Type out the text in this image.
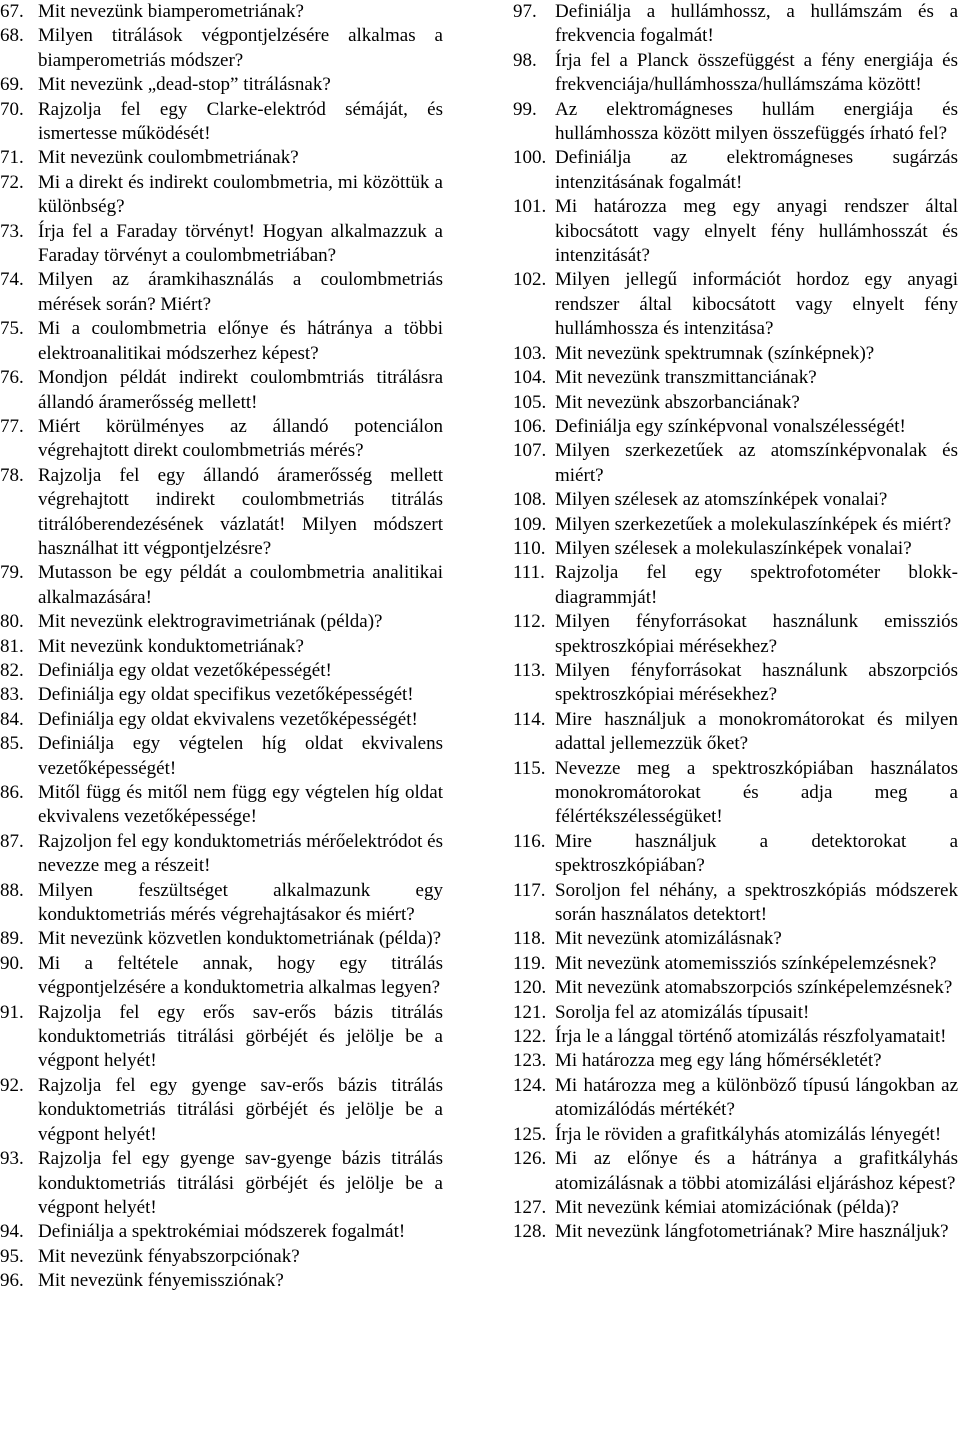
67. Mit nevezünk biamperometriának?
68. Milyen titrálások végpontjelzésére alkalmas a biamperometriás módszer?
69. Mit nevezünk „dead-stop” titrálásnak?
70. Rajzolja fel egy Clarke-elektród sémáját, és ismertesse működését!
71. Mit nevezünk coulombmetriának?
72. Mi a direkt és indirekt coulombmetria, mi közöttük a különbség?
73. Írja fel a Faraday törvényt! Hogyan alkalmazzuk a Faraday törvényt a coulombmetriában?
74. Milyen az áramkihasználás a coulombmetriás mérések során? Miért?
75. Mi a coulombmetria előnye és hátránya a többi elektroanalitikai módszerhez képest?
76. Mondjon példát indirekt coulombmtriás titrálásra állandó áramerősség mellett!
77. Miért körülményes az állandó potenciálon végrehajtott direkt coulombmetriás mérés?
78. Rajzolja fel egy állandó áramerősség mellett végrehajtott indirekt coulombmetriás titrálás titrálóberendezésének vázlatát! Milyen módszert használhat itt végpontjelzésre?
79. Mutasson be egy példát a coulombmetria analitikai alkalmazására!
80. Mit nevezünk elektrogravimetriának (példa)?
81. Mit nevezünk konduktometriának?
82. Definiálja egy oldat vezetőképességét!
83. Definiálja egy oldat specifikus vezetőképességét!
84. Definiálja egy oldat ekvivalens vezetőképességét!
85. Definiálja egy végtelen híg oldat ekvivalens vezetőképességét!
86. Mitől függ és mitől nem függ egy végtelen híg oldat ekvivalens vezetőképessége!
87. Rajzoljon fel egy konduktometriás mérőelektródot és nevezze meg a részeit!
88. Milyen feszültséget alkalmazunk egy konduktometriás mérés végrehajtásakor és miért?
89. Mit nevezünk közvetlen konduktometriának (példa)?
90. Mi a feltétele annak, hogy egy titrálás végpontjelzésére a konduktometria alkalmas legyen?
91. Rajzolja fel egy erős sav-erős bázis titrálás konduktometriás titrálási görbéjét és jelölje be a végpont helyét!
92. Rajzolja fel egy gyenge sav-erős bázis titrálás konduktometriás titrálási görbéjét és jelölje be a végpont helyét!
93. Rajzolja fel egy gyenge sav-gyenge bázis titrálás konduktometriás titrálási görbéjét és jelölje be a végpont helyét!
94. Definiálja a spektrokémiai módszerek fogalmát!
95. Mit nevezünk fényabszorpciónak?
96. Mit nevezünk fényemissziónak?
97. Definiálja a hullámhossz, a hullámszám és a frekvencia fogalmát!
98. Írja fel a Planck összefüggést a fény energiája és frekvenciája/hullámhossza/hullámszáma között!
99. Az elektromágneses hullám energiája és hullámhossza között milyen összefüggés írható fel?
100. Definiálja az elektromágneses sugárzás intenzitásának fogalmát!
101. Mi határozza meg egy anyagi rendszer által kibocsátott vagy elnyelt fény hullámhosszát és intenzitását?
102. Milyen jellegű információt hordoz egy anyagi rendszer által kibocsátott vagy elnyelt fény hullámhossza és intenzitása?
103. Mit nevezünk spektrumnak (színképnek)?
104. Mit nevezünk transzmittanciának?
105. Mit nevezünk abszorbanciának?
106. Definiálja egy színképvonal vonalszélességét!
107. Milyen szerkezetűek az atomszínképvonalak és miért?
108. Milyen szélesek az atomszínképek vonalai?
109. Milyen szerkezetűek a molekulaszínképek és miért?
110. Milyen szélesek a molekulaszínképek vonalai?
111. Rajzolja fel egy spektrofotométer blokk-diagrammját!
112. Milyen fényforrásokat használunk emissziós spektroszkópiai mérésekhez?
113. Milyen fényforrásokat használunk abszorpciós spektroszkópiai mérésekhez?
114. Mire használjuk a monokromátorokat és milyen adattal jellemezzük őket?
115. Nevezze meg a spektroszkópiában használatos monokromátorokat és adja meg a félértékszélességüket!
116. Mire használjuk a detektorokat a spektroszkópiában?
117. Soroljon fel néhány, a spektroszkópiás módszerek során használatos detektort!
118. Mit nevezünk atomizálásnak?
119. Mit nevezünk atomemissziós színképelemzésnek?
120. Mit nevezünk atomabszorpciós színképelemzésnek?
121. Sorolja fel az atomizálás típusait!
122. Írja le a lánggal történő atomizálás részfolyamatait!
123. Mi határozza meg egy láng hőmérsékletét?
124. Mi határozza meg a különböző típusú lángokban az atomizálódás mértékét?
125. Írja le röviden a grafitkályhás atomizálás lényegét!
126. Mi az előnye és a hátránya a grafitkályhás atomizálásnak a többi atomizálási eljáráshoz képest?
127. Mit nevezünk kémiai atomizációnak (példa)?
128. Mit nevezünk lángfotometriának? Mire használjuk?
